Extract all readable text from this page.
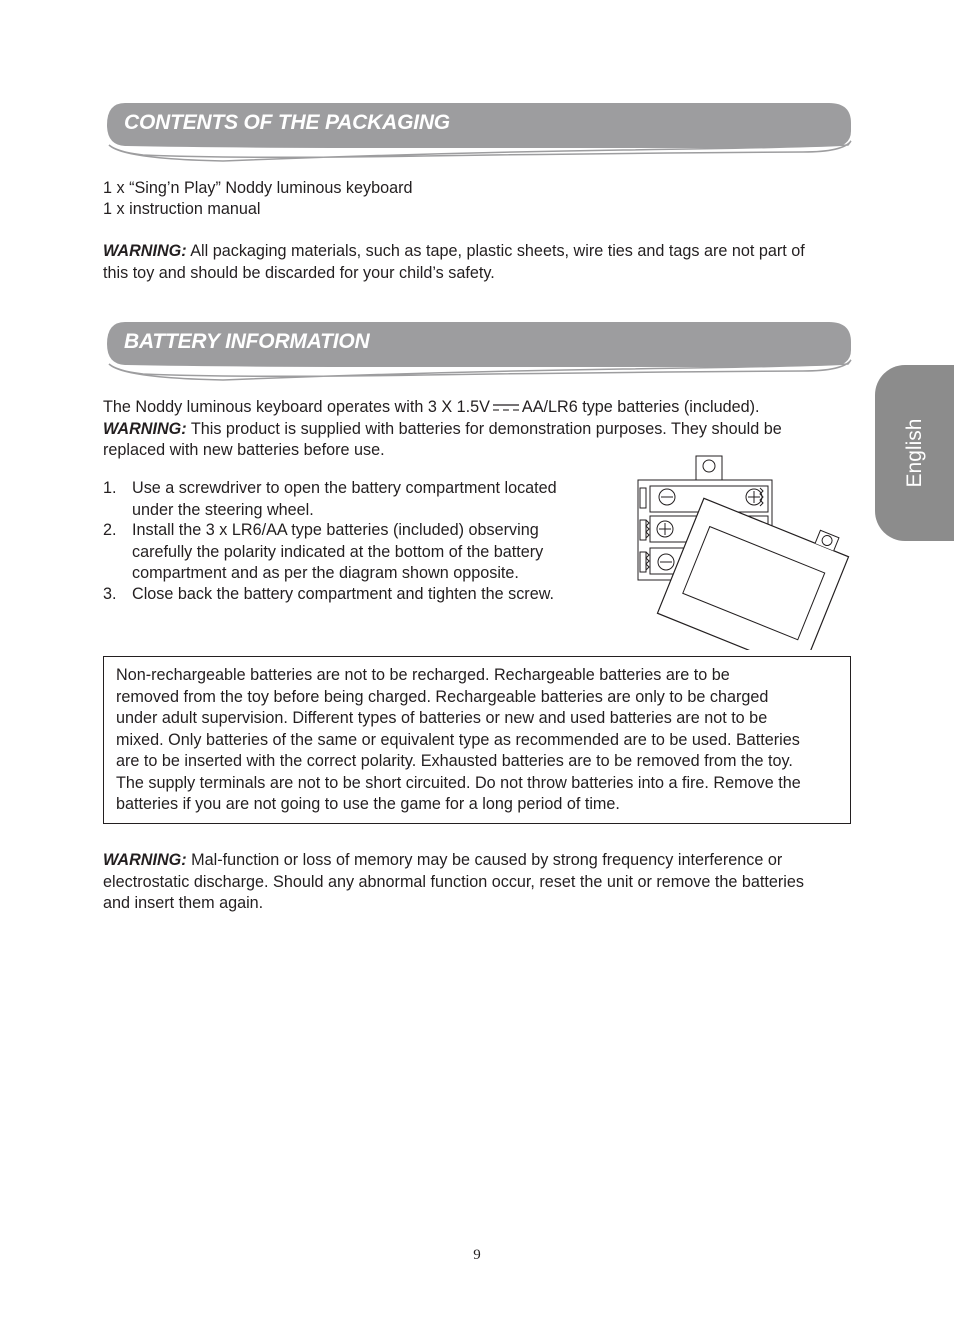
CONTENTS OF THE PACKAGING
1 x “Sing’n Play” Noddy luminous keyboard
1 x instruction manual
WARNING: All packaging materials, such as tape, plastic sheets, wire ties and tags are not part of
this toy and should be discarded for your child’s safety.
BATTERY INFORMATION
The Noddy luminous keyboard operates with 3 X 1.5V AA/LR6 type batteries (included).
WARNING: This product is supplied with batteries for demonstration purposes. They should be
replaced with new batteries before use.
1. Use a screwdriver to open the battery compartment located
under the steering wheel.
2. Install the 3 x LR6/AA type batteries (included) observing
carefully the polarity indicated at the bottom of the battery
compartment and as per the diagram shown opposite.
3. Close back the battery compartment and tighten the screw.
Non-rechargeable batteries are not to be recharged. Rechargeable batteries are to be
removed from the toy before being charged. Rechargeable batteries are only to be charged
under adult supervision. Different types of batteries or new and used batteries are not to be
mixed. Only batteries of the same or equivalent type as recommended are to be used. Batteries
are to be inserted with the correct polarity. Exhausted batteries are to be removed from the toy.
The supply terminals are not to be short circuited. Do not throw batteries into a fire. Remove the
batteries if you are not going to use the game for a long period of time.
WARNING: Mal-function or loss of memory may be caused by strong frequency interference or
electrostatic discharge. Should any abnormal function occur, reset the unit or remove the batteries
and insert them again.
English
9
